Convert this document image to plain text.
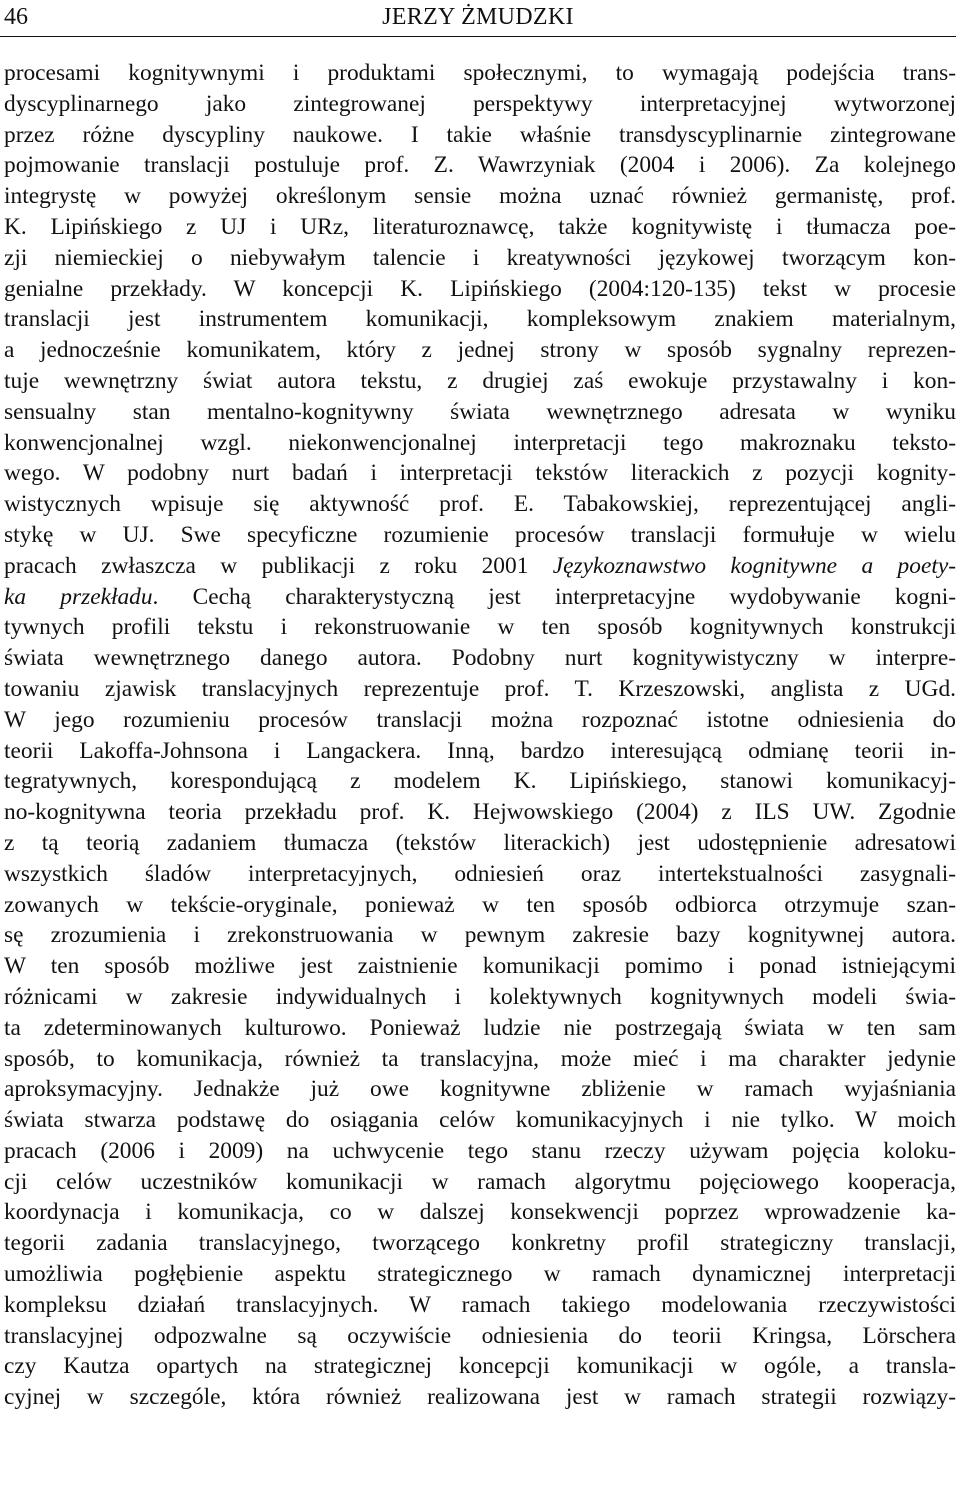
46	JERZY ŻMUDZKI
procesami kognitywnymi i produktami społecznymi, to wymagają podejścia trans-
dyscyplinarnego jako zintegrowanej perspektywy interpretacyjnej wytworzonej
przez różne dyscypliny naukowe. I takie właśnie transdyscyplinarnie zintegrowane
pojmowanie translacji postuluje prof. Z. Wawrzyniak (2004 i 2006). Za kolejnego
integrystę w powyżej określonym sensie można uznać również germanistę, prof.
K. Lipińskiego z UJ i URz, literaturoznawcę, także kognitywistę i tłumacza poe-
zji niemieckiej o niebywałym talencie i kreatywności językowej tworzącym kon-
genialne przekłady. W koncepcji K. Lipińskiego (2004:120-135) tekst w procesie
translacji jest instrumentem komunikacji, kompleksowym znakiem materialnym,
a jednocześnie komunikatem, który z jednej strony w sposób sygnalny reprezen-
tuje wewnętrzny świat autora tekstu, z drugiej zaś ewokuje przystawalny i kon-
sensualny stan mentalno-kognitywny świata wewnętrznego adresata w wyniku
konwencjonalnej wzgl. niekonwencjonalnej interpretacji tego makroznaku teksto-
wego. W podobny nurt badań i interpretacji tekstów literackich z pozycji kognity-
wistycznych wpisuje się aktywność prof. E. Tabakowskiej, reprezentującej angli-
stykę w UJ. Swe specyficzne rozumienie procesów translacji formułuje w wielu
pracach zwłaszcza w publikacji z roku 2001 Językoznawstwo kognitywne a poety-
ka przekładu. Cechą charakterystyczną jest interpretacyjne wydobywanie kogni-
tywnych profili tekstu i rekonstruowanie w ten sposób kognitywnych konstrukcji
świata wewnętrznego danego autora. Podobny nurt kognitywistyczny w interpre-
towaniu zjawisk translacyjnych reprezentuje prof. T. Krzeszowski, anglista z UGd.
W jego rozumieniu procesów translacji można rozpoznać istotne odniesienia do
teorii Lakoffa-Johnsona i Langackera. Inną, bardzo interesującą odmianę teorii in-
tegratywnych, korespondującą z modelem K. Lipińskiego, stanowi komunikacyj-
no-kognitywna teoria przekładu prof. K. Hejwowskiego (2004) z ILS UW. Zgodnie
z tą teorią zadaniem tłumacza (tekstów literackich) jest udostępnienie adresatowi
wszystkich śladów interpretacyjnych, odniesień oraz intertekstualności zasygnali-
zowanych w tekście-oryginale, ponieważ w ten sposób odbiorca otrzymuje szan-
sę zrozumienia i zrekonstruowania w pewnym zakresie bazy kognitywnej autora.
W ten sposób możliwe jest zaistnienie komunikacji pomimo i ponad istniejącymi
różnicami w zakresie indywidualnych i kolektywnych kognitywnych modeli świa-
ta zdeterminowanych kulturowo. Ponieważ ludzie nie postrzegają świata w ten sam
sposób, to komunikacja, również ta translacyjna, może mieć i ma charakter jedynie
aproksymacyjny. Jednakże już owe kognitywne zbliżenie w ramach wyjaśniania
świata stwarza podstawę do osiągania celów komunikacyjnych i nie tylko. W moich
pracach (2006 i 2009) na uchwycenie tego stanu rzeczy używam pojęcia koloku-
cji celów uczestników komunikacji w ramach algorytmu pojęciowego kooperacja,
koordynacja i komunikacja, co w dalszej konsekwencji poprzez wprowadzenie ka-
tegorii zadania translacyjnego, tworzącego konkretny profil strategiczny translacji,
umożliwia pogłębienie aspektu strategicznego w ramach dynamicznej interpretacji
kompleksu działań translacyjnych. W ramach takiego modelowania rzeczywistości
translacyjnej odpozwalne są oczywiście odniesienia do teorii Kringsa, Lörschera
czy Kautza opartych na strategicznej koncepcji komunikacji w ogóle, a transla-
cyjnej w szczególe, która również realizowana jest w ramach strategii rozwiązy-
